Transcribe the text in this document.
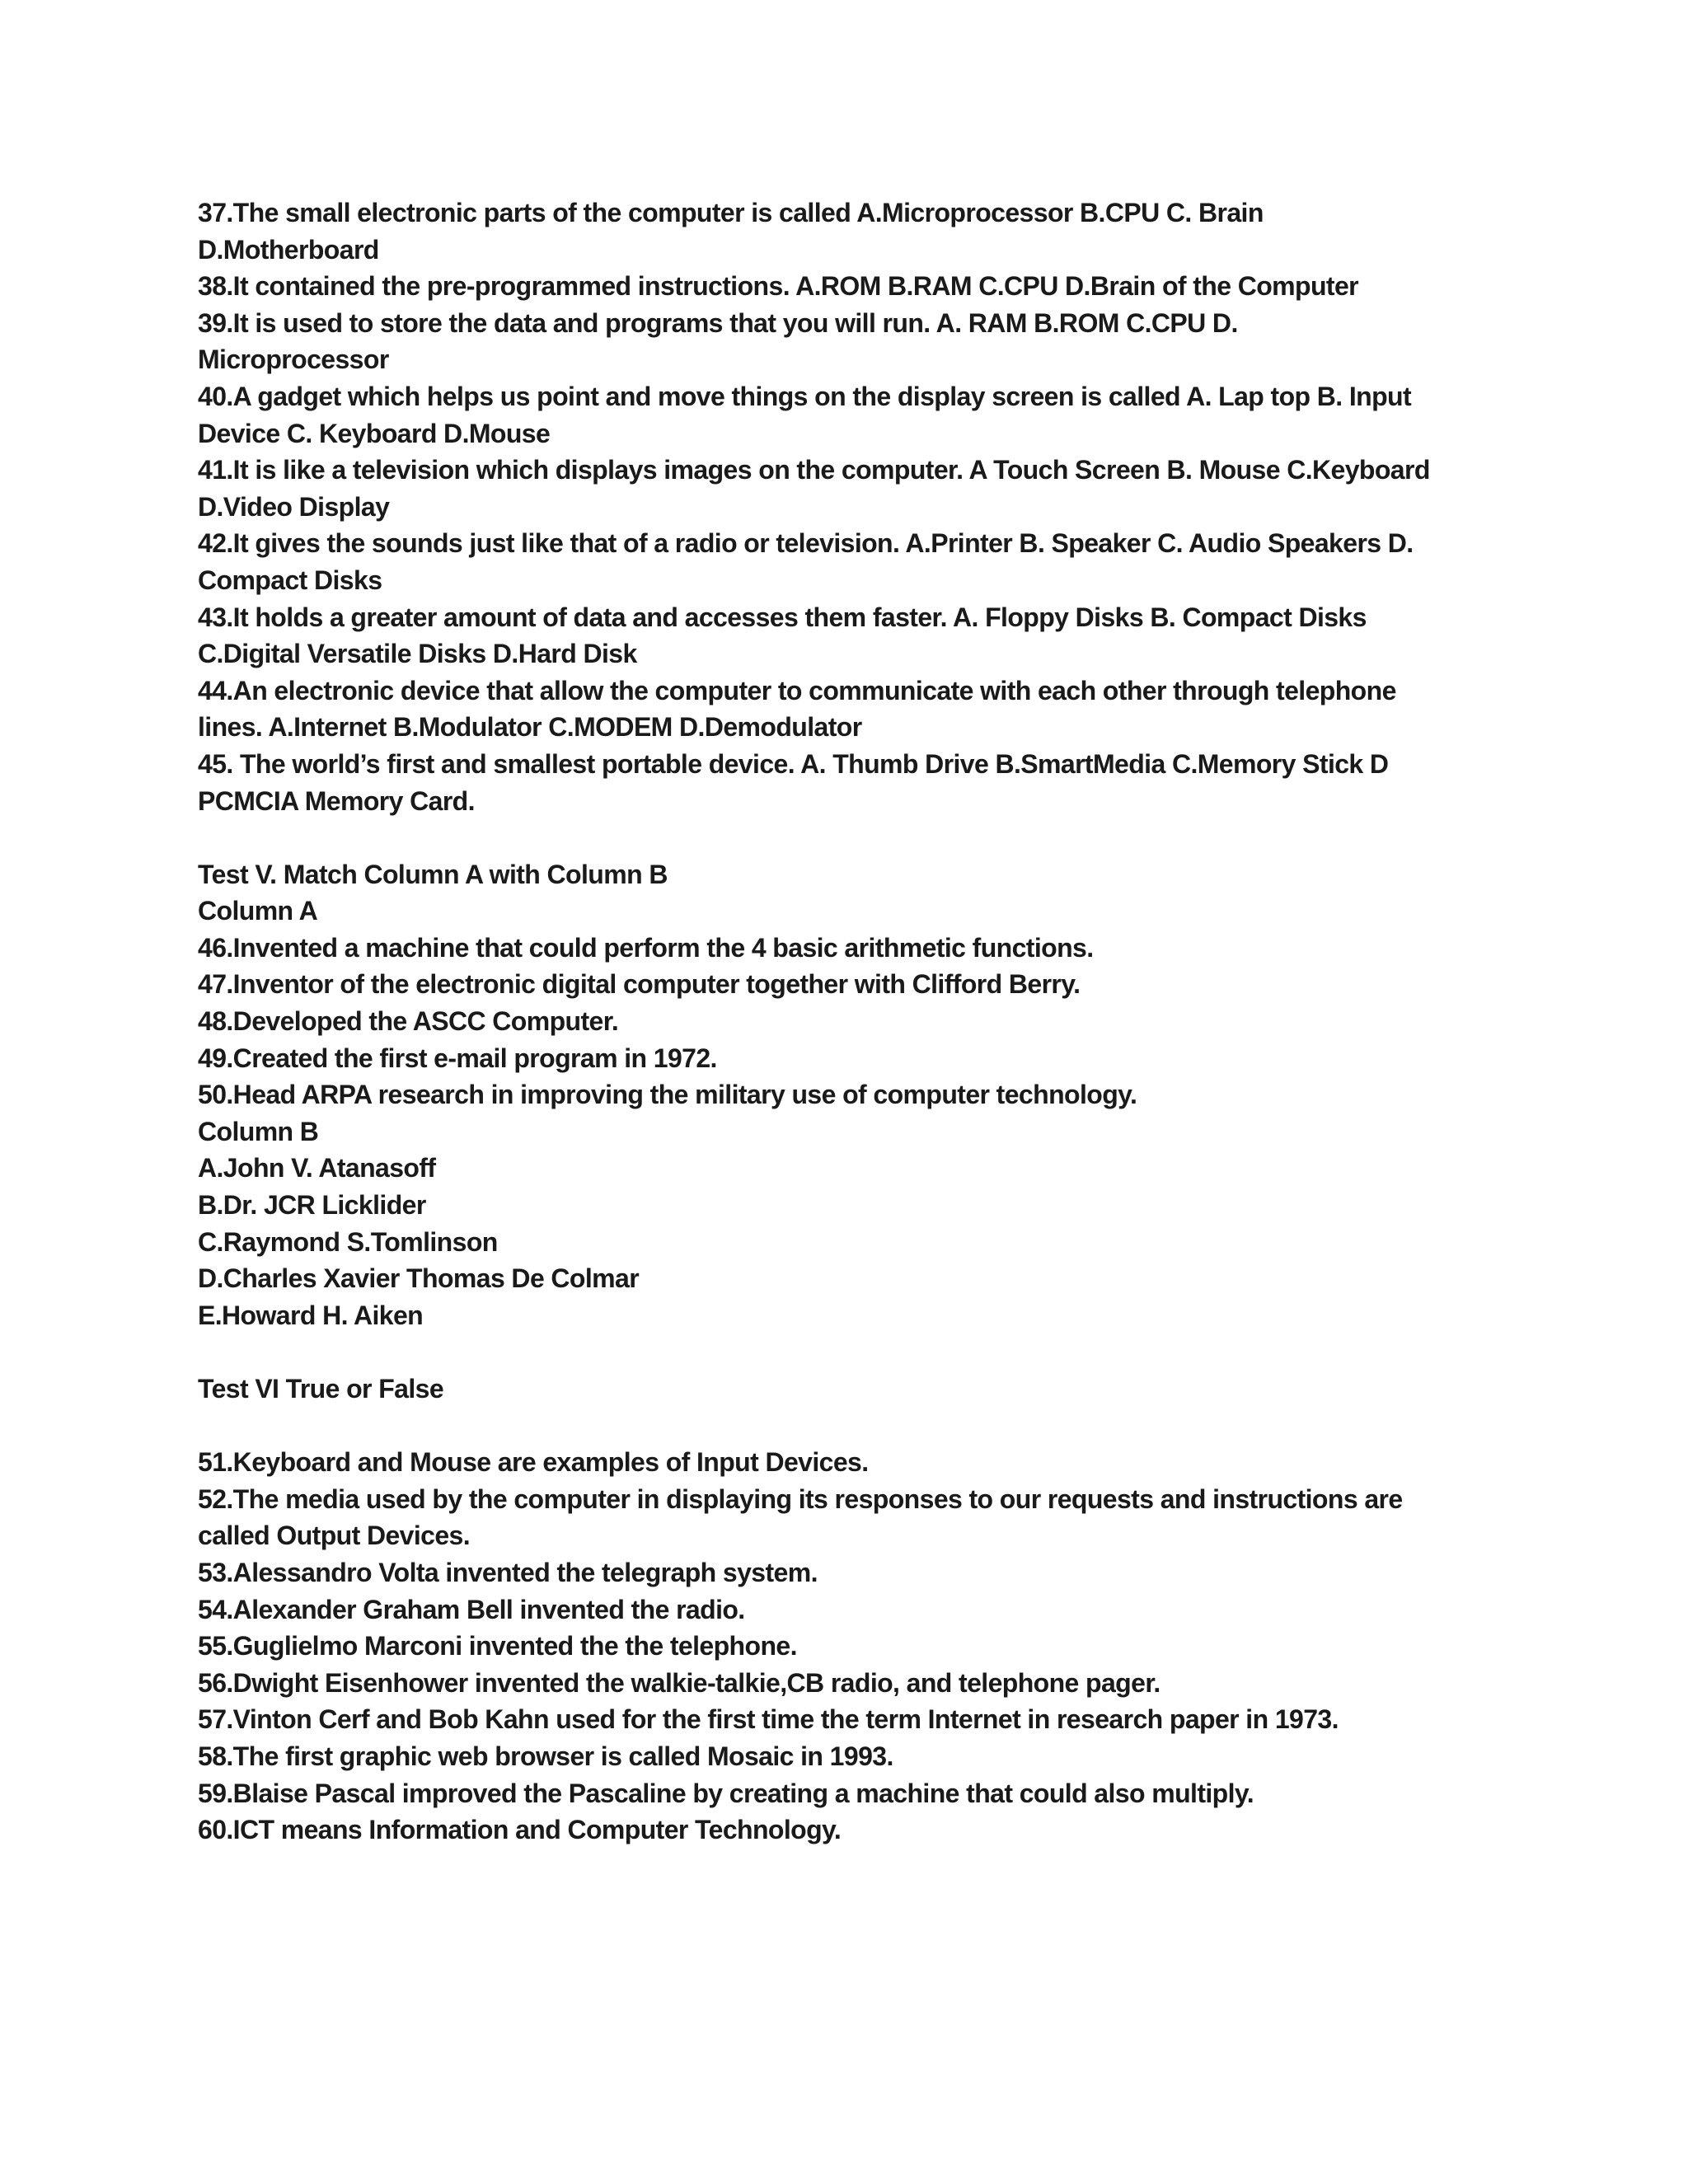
37.The small electronic parts of the computer is called A.Microprocessor B.CPU C. Brain

D.Motherboard

38.It contained the pre-programmed instructions. A.ROM B.RAM C.CPU D.Brain of the Computer

39.It is used to store the data and programs that you will run. A. RAM B.ROM C.CPU D.

Microprocessor

40.A gadget which helps us point and move things on the display screen is called A. Lap top B. Input

Device C. Keyboard D.Mouse

41.It is like a television which displays images on the computer. A Touch Screen B. Mouse C.Keyboard

D.Video Display

42.It gives the sounds just like that of a radio or television. A.Printer B. Speaker C. Audio Speakers D.

Compact Disks

43.It holds a greater amount of data and accesses them faster. A. Floppy Disks B. Compact Disks

C.Digital Versatile Disks D.Hard Disk

44.An electronic device that allow the computer to communicate with each other through telephone

lines. A.Internet B.Modulator C.MODEM D.Demodulator

45. The world’s first and smallest portable device. A. Thumb Drive B.SmartMedia C.Memory Stick D

PCMCIA Memory Card.

Test V. Match Column A with Column B

Column A

46.Invented a machine that could perform the 4 basic arithmetic functions.

47.Inventor of the electronic digital computer together with Clifford Berry.

48.Developed the ASCC Computer.

49.Created the first e-mail program in 1972.

50.Head ARPA research in improving the military use of computer technology.

Column B

A.John V. Atanasoff

B.Dr. JCR Licklider

C.Raymond S.Tomlinson

D.Charles Xavier Thomas De Colmar

E.Howard H. Aiken

Test VI True or False

51.Keyboard and Mouse are examples of Input Devices.

52.The media used by the computer in displaying its responses to our requests and instructions are

called Output Devices.

53.Alessandro Volta invented the telegraph system.

54.Alexander Graham Bell invented the radio.

55.Guglielmo Marconi invented the the telephone.

56.Dwight Eisenhower invented the walkie-talkie,CB radio, and telephone pager.

57.Vinton Cerf and Bob Kahn used for the first time the term Internet in research paper in 1973.

58.The first graphic web browser is called Mosaic in 1993.

59.Blaise Pascal improved the Pascaline by creating a machine that could also multiply.

60.ICT means Information and Computer Technology.
